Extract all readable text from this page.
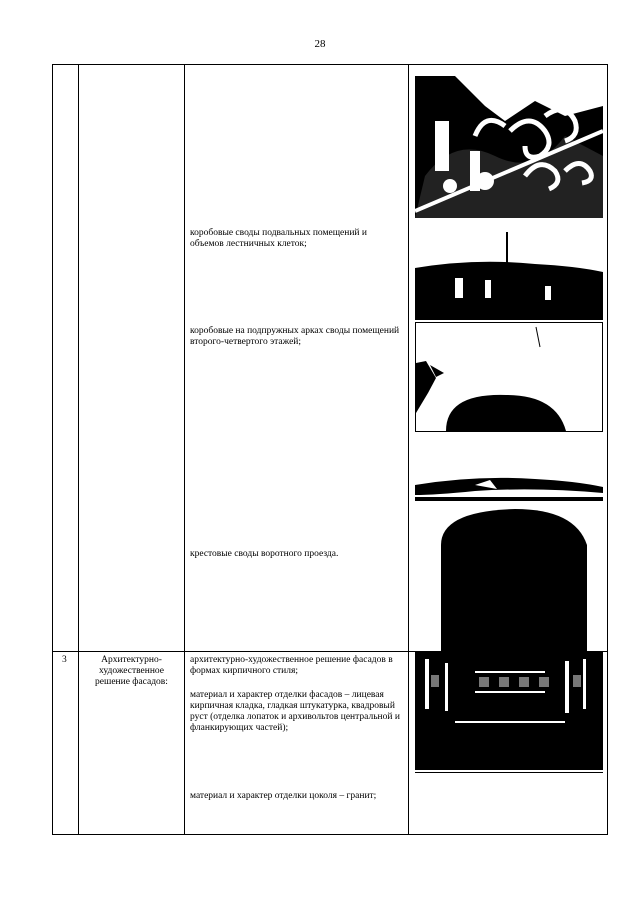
28
коробовые своды подвальных помещений и объемов лестничных клеток;
коробовые на подпружных арках своды помещений второго-четвертого этажей;
крестовые своды воротного проезда.
3	Архитектурно-художественное решение фасадов:
архитектурно-художественное решение фасадов в формах кирпичного стиля;
материал и характер отделки фасадов – лицевая кирпичная кладка, гладкая штукатурка, квадровый руст (отделка лопаток и архивольтов центральной и фланкирующих частей);
материал и характер отделки цоколя – гранит;
